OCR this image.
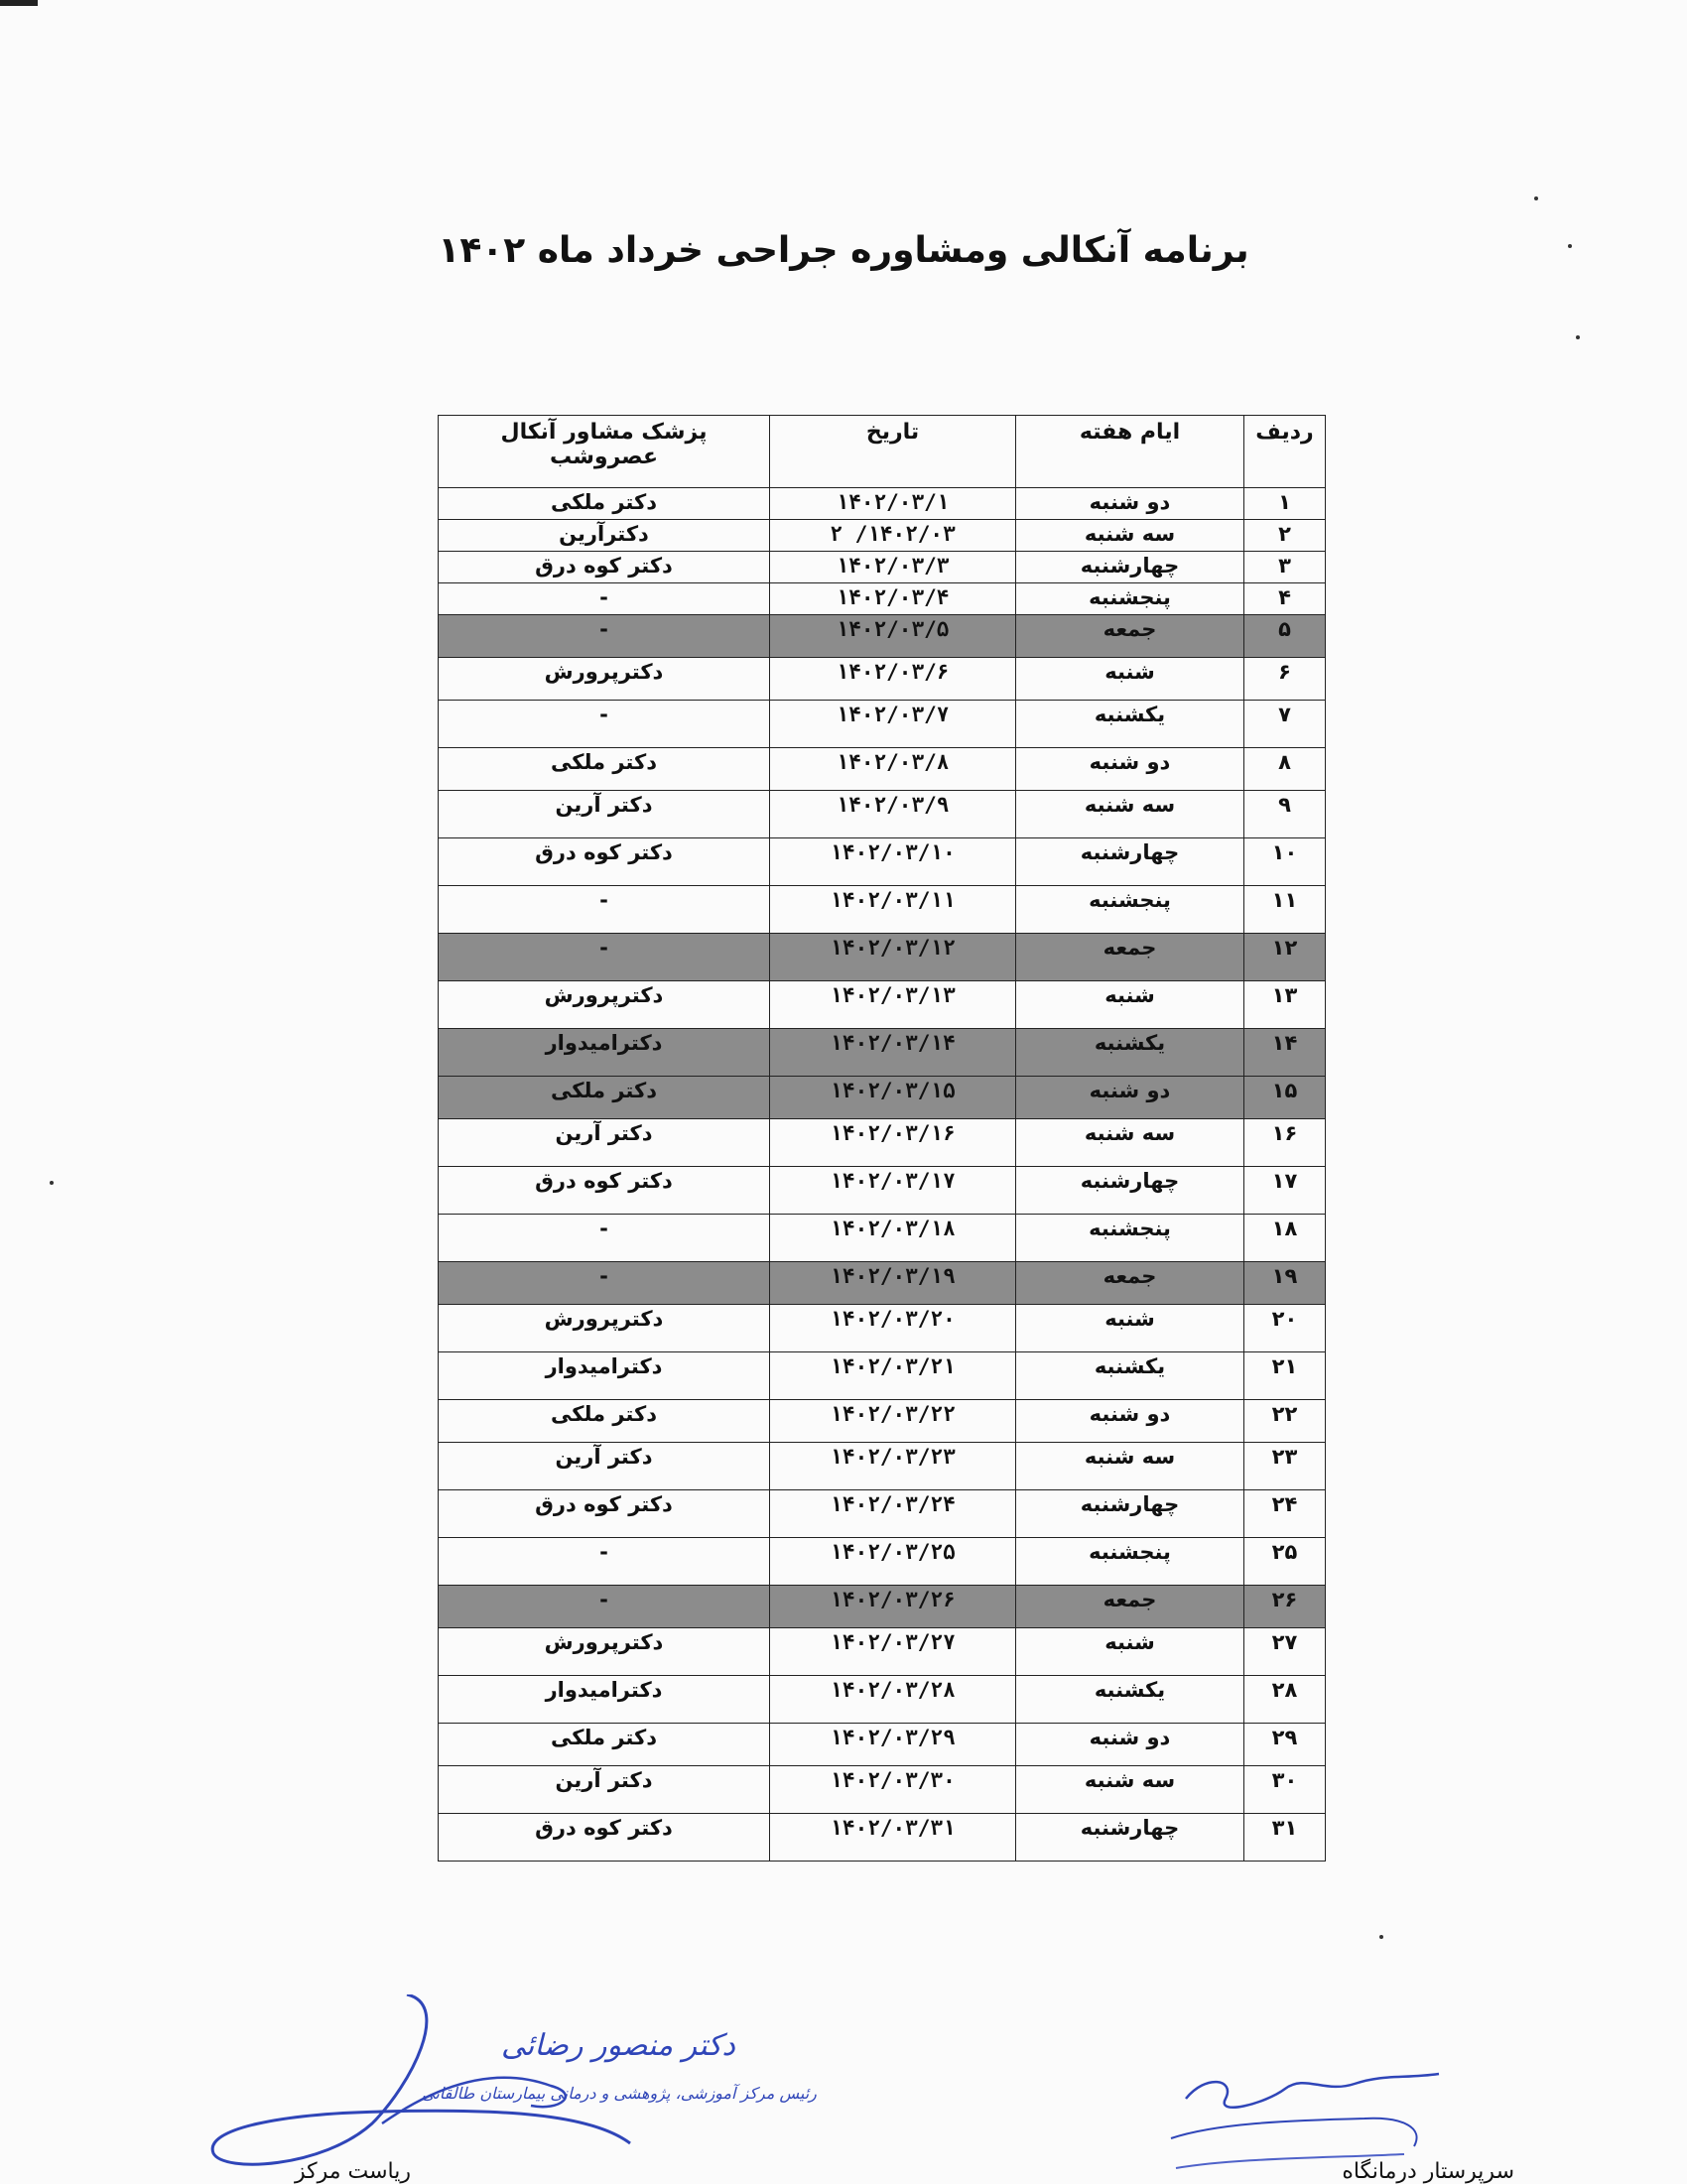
برنامه آنکالی ومشاوره جراحی خرداد ماه ۱۴۰۲
ردیف	ایام هفته	تاریخ	پزشک مشاور آنکال عصروشب
۱	دو شنبه	۱۴۰۲/۰۳/۱	دکتر ملکی
۲	سه شنبه	۱۴۰۲/۰۳/ ۲	دکترآرین
۳	چهارشنبه	۱۴۰۲/۰۳/۳	دکتر کوه درق
۴	پنجشنبه	۱۴۰۲/۰۳/۴	-
۵	جمعه	۱۴۰۲/۰۳/۵	-
۶	شنبه	۱۴۰۲/۰۳/۶	دکترپرورش
۷	یکشنبه	۱۴۰۲/۰۳/۷	-
۸	دو شنبه	۱۴۰۲/۰۳/۸	دکتر ملکی
۹	سه شنبه	۱۴۰۲/۰۳/۹	دکتر آرین
۱۰	چهارشنبه	۱۴۰۲/۰۳/۱۰	دکتر کوه درق
۱۱	پنجشنبه	۱۴۰۲/۰۳/۱۱	-
۱۲	جمعه	۱۴۰۲/۰۳/۱۲	-
۱۳	شنبه	۱۴۰۲/۰۳/۱۳	دکترپرورش
۱۴	یکشنبه	۱۴۰۲/۰۳/۱۴	دکترامیدوار
۱۵	دو شنبه	۱۴۰۲/۰۳/۱۵	دکتر ملکی
۱۶	سه شنبه	۱۴۰۲/۰۳/۱۶	دکتر آرین
۱۷	چهارشنبه	۱۴۰۲/۰۳/۱۷	دکتر کوه درق
۱۸	پنجشنبه	۱۴۰۲/۰۳/۱۸	-
۱۹	جمعه	۱۴۰۲/۰۳/۱۹	-
۲۰	شنبه	۱۴۰۲/۰۳/۲۰	دکترپرورش
۲۱	یکشنبه	۱۴۰۲/۰۳/۲۱	دکترامیدوار
۲۲	دو شنبه	۱۴۰۲/۰۳/۲۲	دکتر ملکی
۲۳	سه شنبه	۱۴۰۲/۰۳/۲۳	دکتر آرین
۲۴	چهارشنبه	۱۴۰۲/۰۳/۲۴	دکتر کوه درق
۲۵	پنجشنبه	۱۴۰۲/۰۳/۲۵	-
۲۶	جمعه	۱۴۰۲/۰۳/۲۶	-
۲۷	شنبه	۱۴۰۲/۰۳/۲۷	دکترپرورش
۲۸	یکشنبه	۱۴۰۲/۰۳/۲۸	دکترامیدوار
۲۹	دو شنبه	۱۴۰۲/۰۳/۲۹	دکتر ملکی
۳۰	سه شنبه	۱۴۰۲/۰۳/۳۰	دکتر آرین
۳۱	چهارشنبه	۱۴۰۲/۰۳/۳۱	دکتر کوه درق
دکتر منصور رضائی
رئیس مرکز آموزشی، پژوهشی و درمانی بیمارستان طالقانی
ریاست مرکز	سرپرستار درمانگاه
